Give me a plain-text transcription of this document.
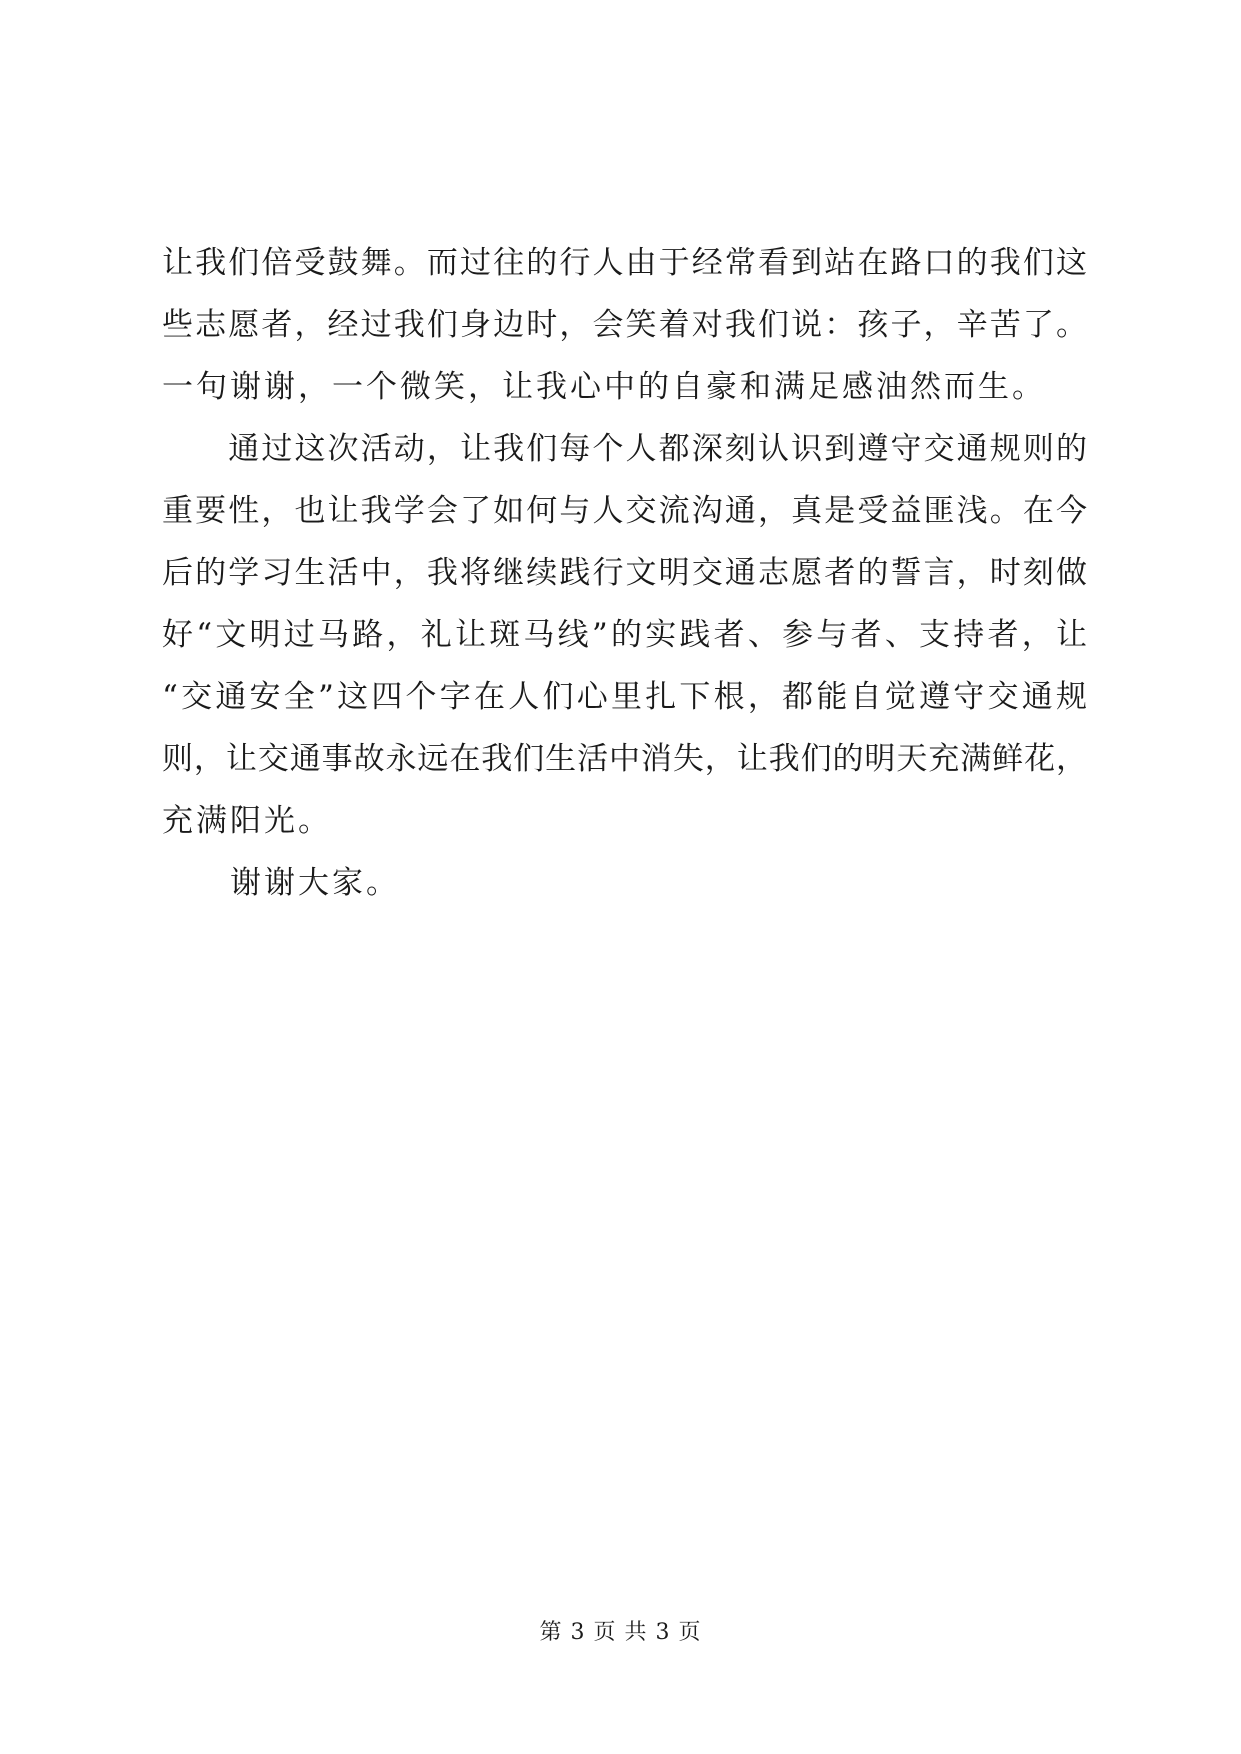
让我们倍受鼓舞。而过往的行人由于经常看到站在路口的我们这
些志愿者，经过我们身边时，会笑着对我们说：孩子，辛苦了。
一句谢谢，一个微笑，让我心中的自豪和满足感油然而生。
　　通过这次活动，让我们每个人都深刻认识到遵守交通规则的
重要性，也让我学会了如何与人交流沟通，真是受益匪浅。在今
后的学习生活中，我将继续践行文明交通志愿者的誓言，时刻做
好“文明过马路，礼让斑马线”的实践者、参与者、支持者，让
“交通安全”这四个字在人们心里扎下根，都能自觉遵守交通规
则，让交通事故永远在我们生活中消失，让我们的明天充满鲜花，
充满阳光。
　　谢谢大家。
第 3 页 共 3 页
